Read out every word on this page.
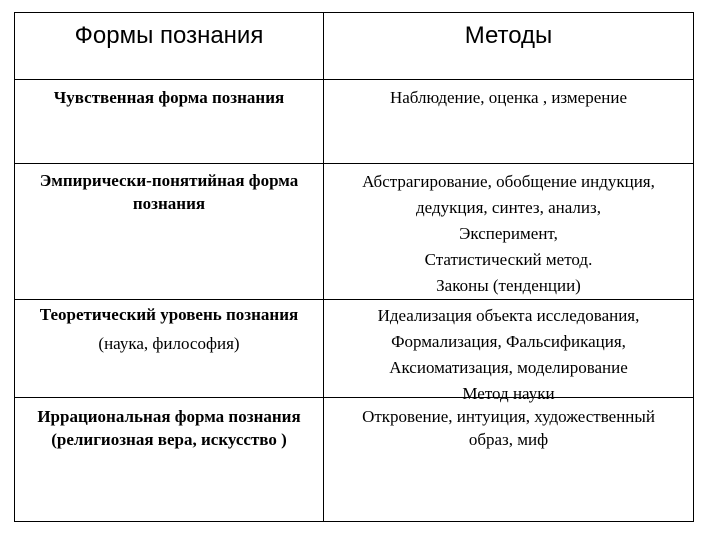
Формы познания	Методы
Чувственная форма познания	Наблюдение, оценка , измерение
Эмпирически-понятийная форма
познания
Абстрагирование, обобщение индукция,
дедукция, синтез, анализ,
Эксперимент,
Статистический метод.
Законы (тенденции)
Теоретический уровень познания
(наука, философия)
Идеализация объекта исследования,
Формализация, Фальсификация,
Аксиоматизация, моделирование
Метод науки
Иррациональная форма познания
(религиозная вера, искусство )
Откровение, интуиция, художественный
образ, миф
